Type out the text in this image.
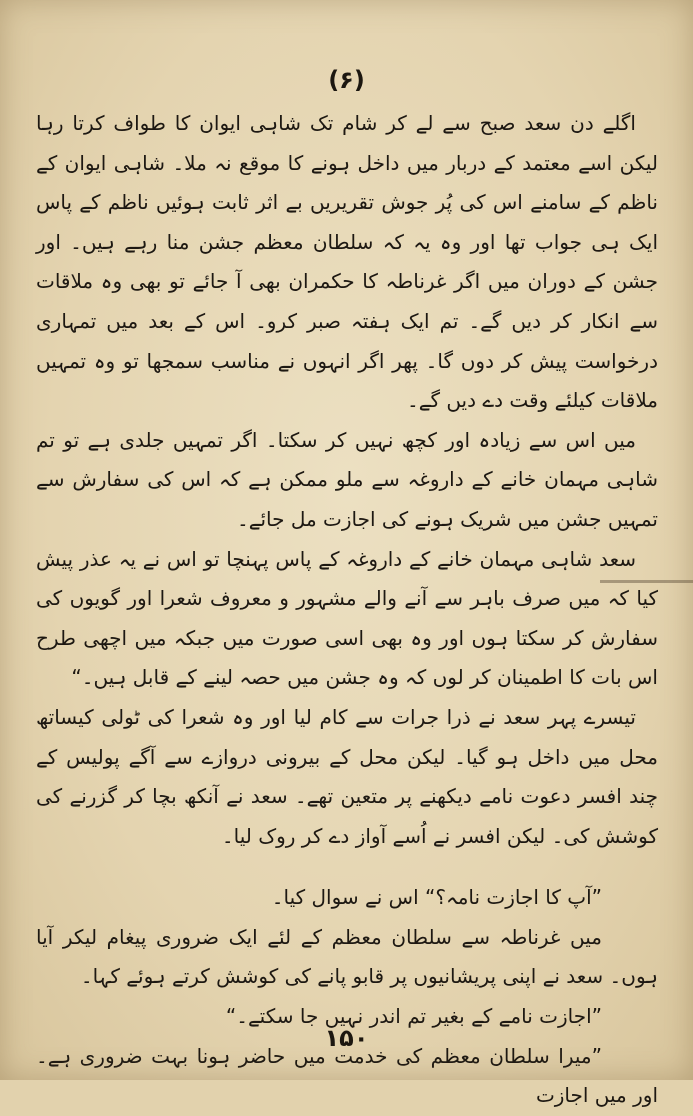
(۶)

اگلے دن سعد صبح سے لے کر شام تک شاہی ایوان کا طواف کرتا رہا لیکن اسے معتمد کے دربار میں داخل ہونے کا موقع نہ ملا۔ شاہی ایوان کے ناظم کے سامنے اس کی پُر جوش تقریریں بے اثر ثابت ہوئیں ناظم کے پاس ایک ہی جواب تھا اور وہ یہ کہ سلطان معظم جشن منا رہے ہیں۔ اور جشن کے دوران میں اگر غرناطہ کا حکمران بھی آ جائے تو بھی وہ ملاقات سے انکار کر دیں گے۔ تم ایک ہفتہ صبر کرو۔ اس کے بعد میں تمہاری درخواست پیش کر دوں گا۔ پھر اگر انہوں نے مناسب سمجھا تو وہ تمہیں ملاقات کیلئے وقت دے دیں گے۔

میں اس سے زیادہ اور کچھ نہیں کر سکتا۔ اگر تمہیں جلدی ہے تو تم شاہی مہمان خانے کے داروغہ سے ملو ممکن ہے کہ اس کی سفارش سے تمہیں جشن میں شریک ہونے کی اجازت مل جائے۔

سعد شاہی مہمان خانے کے داروغہ کے پاس پہنچا تو اس نے یہ عذر پیش کیا کہ میں صرف باہر سے آنے والے مشہور و معروف شعرا اور گویوں کی سفارش کر سکتا ہوں اور وہ بھی اسی صورت میں جبکہ میں اچھی طرح اس بات کا اطمینان کر لوں کہ وہ جشن میں حصہ لینے کے قابل ہیں۔“

تیسرے پہر سعد نے ذرا جرات سے کام لیا اور وہ شعرا کی ٹولی کیساتھ محل میں داخل ہو گیا۔ لیکن محل کے بیرونی دروازے سے آگے پولیس کے چند افسر دعوت نامے دیکھنے پر متعین تھے۔ سعد نے آنکھ بچا کر گزرنے کی کوشش کی۔ لیکن افسر نے اُسے آواز دے کر روک لیا۔

”آپ کا اجازت نامہ؟“ اس نے سوال کیا۔

میں غرناطہ سے سلطان معظم کے لئے ایک ضروری پیغام لیکر آیا ہوں۔ سعد نے اپنی پریشانیوں پر قابو پانے کی کوشش کرتے ہوئے کہا۔

”اجازت نامے کے بغیر تم اندر نہیں جا سکتے۔“

”میرا سلطان معظم کی خدمت میں حاضر ہونا بہت ضروری ہے۔ اور میں اجازت

۱۵۰
